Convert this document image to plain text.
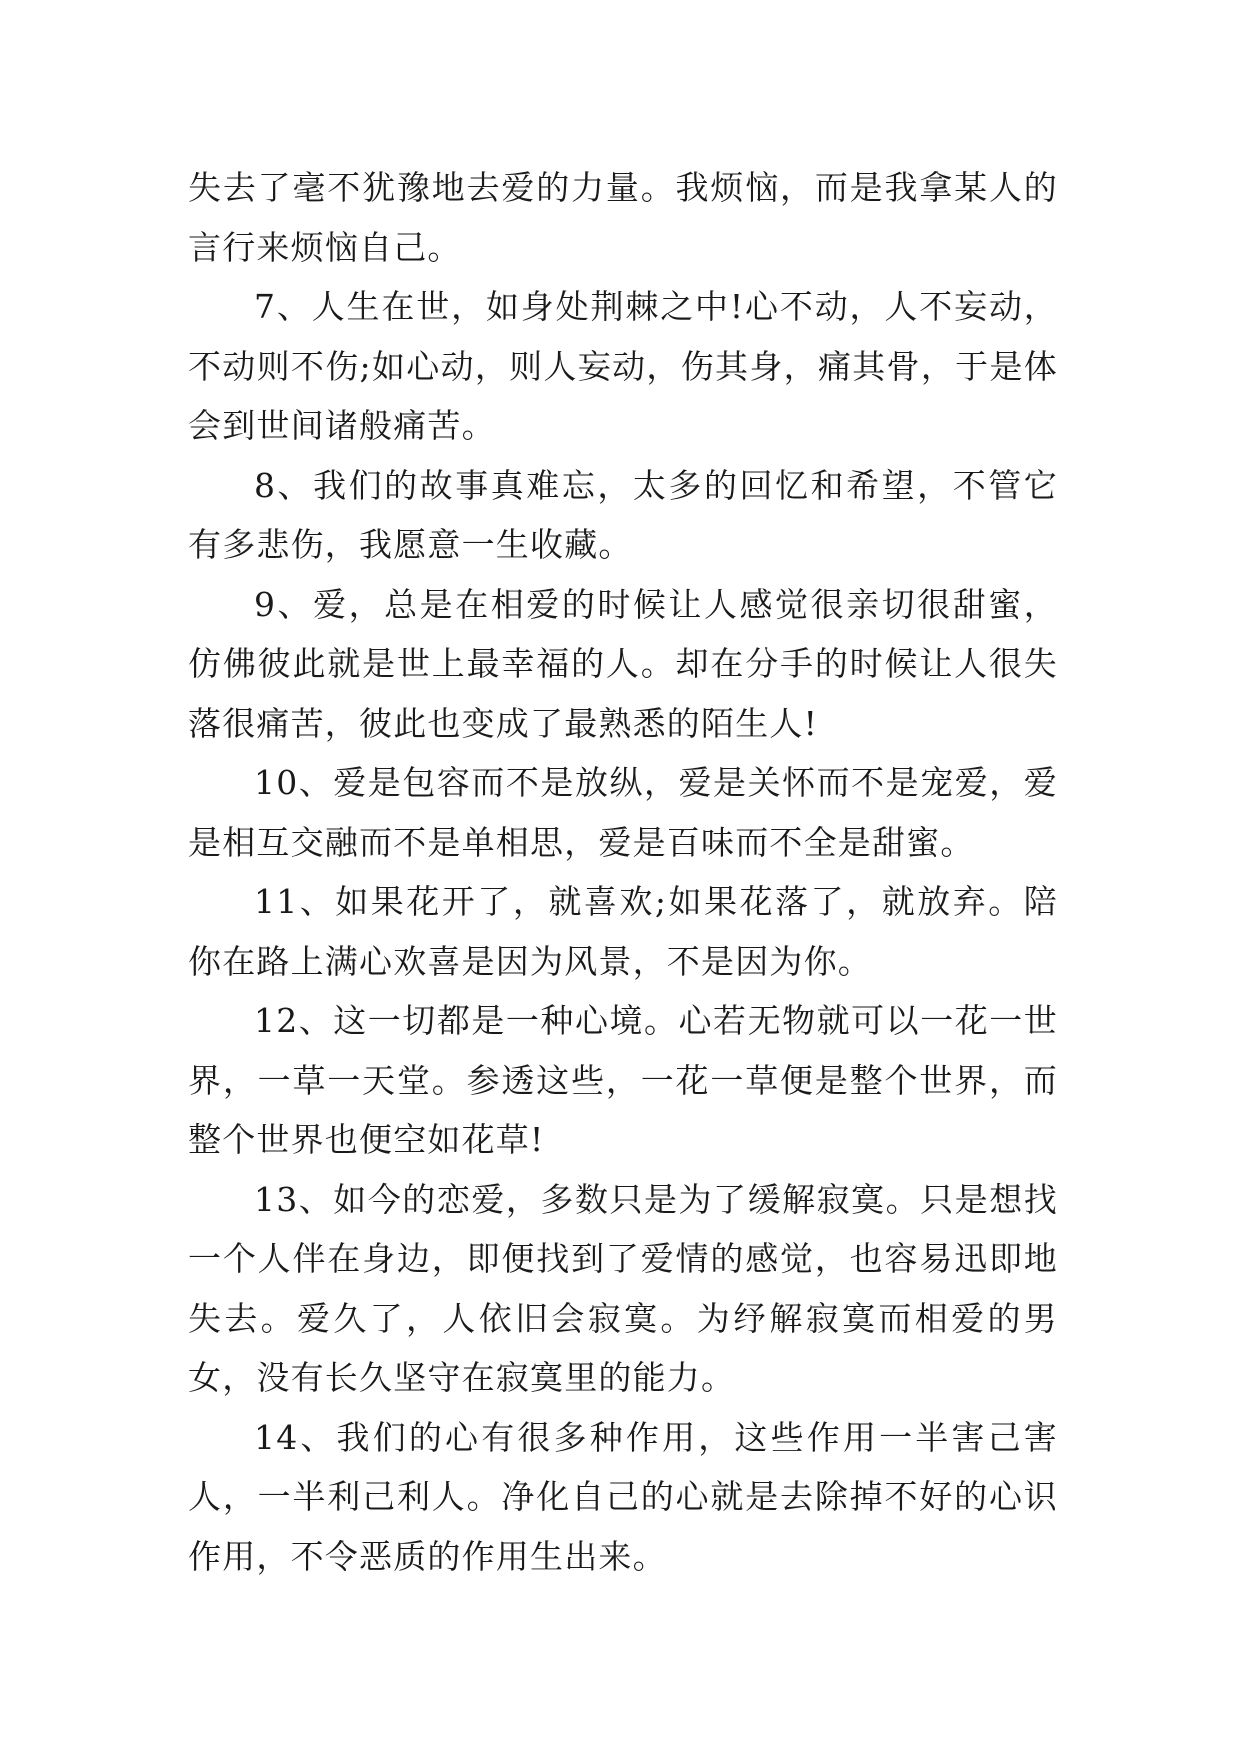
失去了毫不犹豫地去爱的力量。我烦恼，而是我拿某人的言行来烦恼自己。

7、人生在世，如身处荆棘之中!心不动，人不妄动，不动则不伤;如心动，则人妄动，伤其身，痛其骨，于是体会到世间诸般痛苦。

8、我们的故事真难忘，太多的回忆和希望，不管它有多悲伤，我愿意一生收藏。

9、爱，总是在相爱的时候让人感觉很亲切很甜蜜，仿佛彼此就是世上最幸福的人。却在分手的时候让人很失落很痛苦，彼此也变成了最熟悉的陌生人!

10、爱是包容而不是放纵，爱是关怀而不是宠爱，爱是相互交融而不是单相思，爱是百味而不全是甜蜜。

11、如果花开了，就喜欢;如果花落了，就放弃。陪你在路上满心欢喜是因为风景，不是因为你。

12、这一切都是一种心境。心若无物就可以一花一世界，一草一天堂。参透这些，一花一草便是整个世界，而整个世界也便空如花草!

13、如今的恋爱，多数只是为了缓解寂寞。只是想找一个人伴在身边，即便找到了爱情的感觉，也容易迅即地失去。爱久了，人依旧会寂寞。为纾解寂寞而相爱的男女，没有长久坚守在寂寞里的能力。

14、我们的心有很多种作用，这些作用一半害己害人，一半利己利人。净化自己的心就是去除掉不好的心识作用，不令恶质的作用生出来。
